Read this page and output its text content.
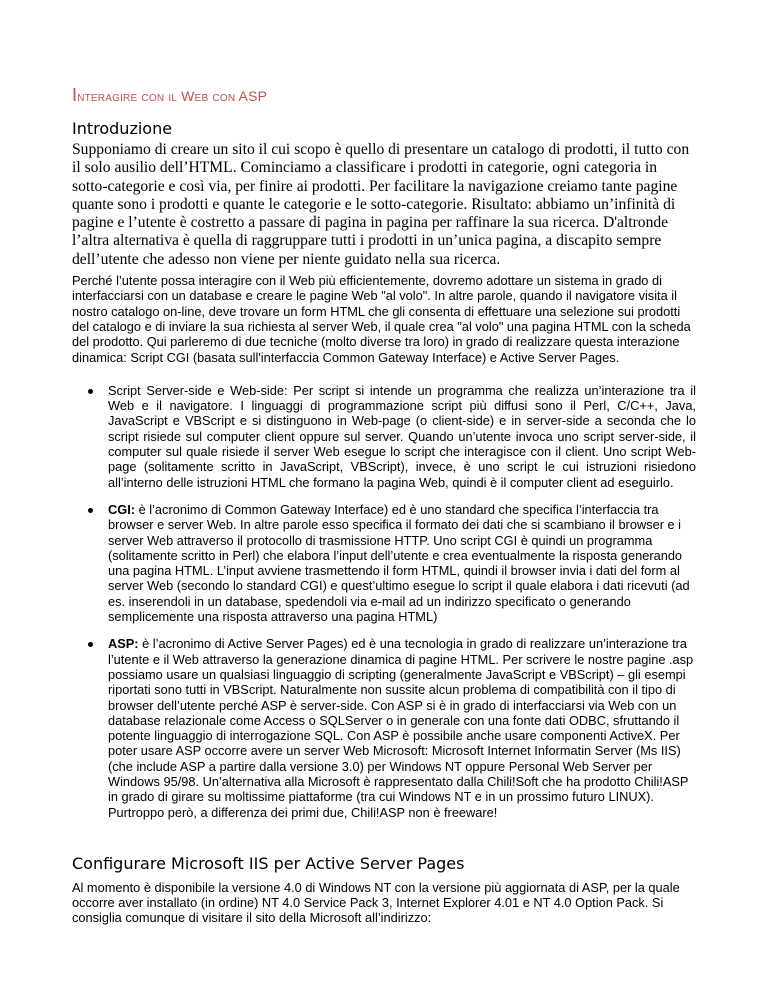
Interagire con il Web con ASP
Introduzione

Supponiamo di creare un sito il cui scopo è quello di presentare un catalogo di prodotti, il tutto con il solo ausilio dell’HTML. Cominciamo a classificare i prodotti in categorie, ogni categoria in sotto-categorie e così via, per finire ai prodotti. Per facilitare la navigazione creiamo tante pagine quante sono i prodotti e quante le categorie e le sotto-categorie. Risultato: abbiamo un’infinità di pagine e l’utente è costretto a passare di pagina in pagina per raffinare la sua ricerca. D'altronde l’altra alternativa è quella di raggruppare tutti i prodotti in un’unica pagina, a discapito sempre dell’utente che adesso non viene per niente guidato nella sua ricerca.

Perché l’utente possa interagire con il Web più efficientemente, dovremo adottare un sistema in grado di interfacciarsi con un database e creare le pagine Web "al volo". In altre parole, quando il navigatore visita il nostro catalogo on-line, deve trovare un form HTML che gli consenta di effettuare una selezione sui prodotti del catalogo e di inviare la sua richiesta al server Web, il quale crea "al volo" una pagina HTML con la scheda del prodotto. Qui parleremo di due tecniche (molto diverse tra loro) in grado di realizzare questa interazione dinamica: Script CGI (basata sull'interfaccia Common Gateway Interface) e Active Server Pages.

Script Server-side e Web-side: Per script si intende un programma che realizza un’interazione tra il Web e il navigatore. I linguaggi di programmazione script più diffusi sono il Perl, C/C++, Java, JavaScript e VBScript e si distinguono in Web-page (o client-side) e in server-side a seconda che lo script risiede sul computer client oppure sul server. Quando un’utente invoca uno script server-side, il computer sul quale risiede il server Web esegue lo script che interagisce con il client. Uno script Web-page (solitamente scritto in JavaScript, VBScript), invece, è uno script le cui istruzioni risiedono all’interno delle istruzioni HTML che formano la pagina Web, quindi è il computer client ad eseguirlo.
CGI: è l’acronimo di Common Gateway Interface) ed è uno standard che specifica l’interfaccia tra browser e server Web. In altre parole esso specifica il formato dei dati che si scambiano il browser e i server Web attraverso il protocollo di trasmissione HTTP. Uno script CGI è quindi un programma (solitamente scritto in Perl) che elabora l’input dell’utente e crea eventualmente la risposta generando una pagina HTML. L’input avviene trasmettendo il form HTML, quindi il browser invia i dati del form al server Web (secondo lo standard CGI) e quest’ultimo esegue lo script il quale elabora i dati ricevuti (ad es. inserendoli in un database, spedendoli via e-mail ad un indirizzo specificato o generando semplicemente una risposta attraverso una pagina HTML)
ASP: è l’acronimo di Active Server Pages) ed è una tecnologia in grado di realizzare un’interazione tra l’utente e il Web attraverso la generazione dinamica di pagine HTML. Per scrivere le nostre pagine .asp possiamo usare un qualsiasi linguaggio di scripting (generalmente JavaScript e VBScript) – gli esempi riportati sono tutti in VBScript. Naturalmente non sussite alcun problema di compatibilità con il tipo di browser dell’utente perché ASP è server-side. Con ASP si è in grado di interfacciarsi via Web con un database relazionale come Access o SQLServer o in generale con una fonte dati ODBC, sfruttando il potente linguaggio di interrogazione SQL. Con ASP è possibile anche usare componenti ActiveX. Per poter usare ASP occorre avere un server Web Microsoft: Microsoft Internet Informatin Server (Ms IIS) (che include ASP a partire dalla versione 3.0) per Windows NT oppure Personal Web Server per Windows 95/98. Un’alternativa alla Microsoft è rappresentato dalla Chili!Soft che ha prodotto Chili!ASP in grado di girare su moltissime piattaforme (tra cui Windows NT e in un prossimo futuro LINUX). Purtroppo però, a differenza dei primi due, Chili!ASP non è freeware!
Configurare Microsoft IIS per Active Server Pages

Al momento è disponibile la versione 4.0 di Windows NT con la versione più aggiornata di ASP, per la quale occorre aver installato (in ordine) NT 4.0 Service Pack 3, Internet Explorer 4.01 e NT 4.0 Option Pack. Si consiglia comunque di visitare il sito della Microsoft all’indirizzo:
